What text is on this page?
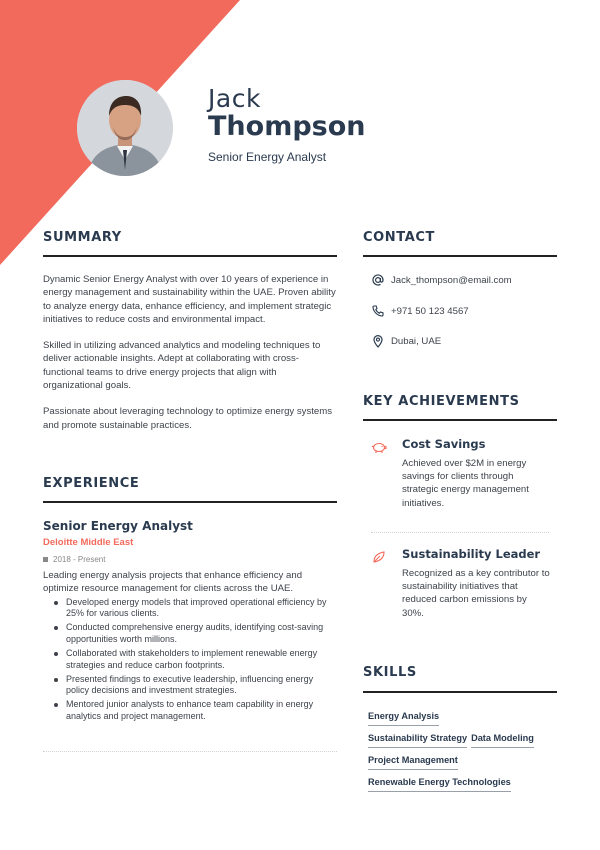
Jack
Thompson
Senior Energy Analyst
SUMMARY

Dynamic Senior Energy Analyst with over 10 years of experience in energy management and sustainability within the UAE. Proven ability to analyze energy data, enhance efficiency, and implement strategic initiatives to reduce costs and environmental impact.

Skilled in utilizing advanced analytics and modeling techniques to deliver actionable insights. Adept at collaborating with cross-functional teams to drive energy projects that align with organizational goals.

Passionate about leveraging technology to optimize energy systems and promote sustainable practices.

EXPERIENCE
Senior Energy Analyst
Deloitte Middle East
2018 - Present
Leading energy analysis projects that enhance efficiency and optimize resource management for clients across the UAE.
Developed energy models that improved operational efficiency by 25% for various clients.
Conducted comprehensive energy audits, identifying cost-saving opportunities worth millions.
Collaborated with stakeholders to implement renewable energy strategies and reduce carbon footprints.
Presented findings to executive leadership, influencing energy policy decisions and investment strategies.
Mentored junior analysts to enhance team capability in energy analytics and project management.
CONTACT
Jack_thompson@email.com
+971 50 123 4567
Dubai, UAE
KEY ACHIEVEMENTS
Cost Savings
Achieved over $2M in energy savings for clients through strategic energy management initiatives.
Sustainability Leader
Recognized as a key contributor to sustainability initiatives that reduced carbon emissions by 30%.
SKILLS
Energy Analysis
Sustainability Strategy Data Modeling
Project Management
Renewable Energy Technologies
